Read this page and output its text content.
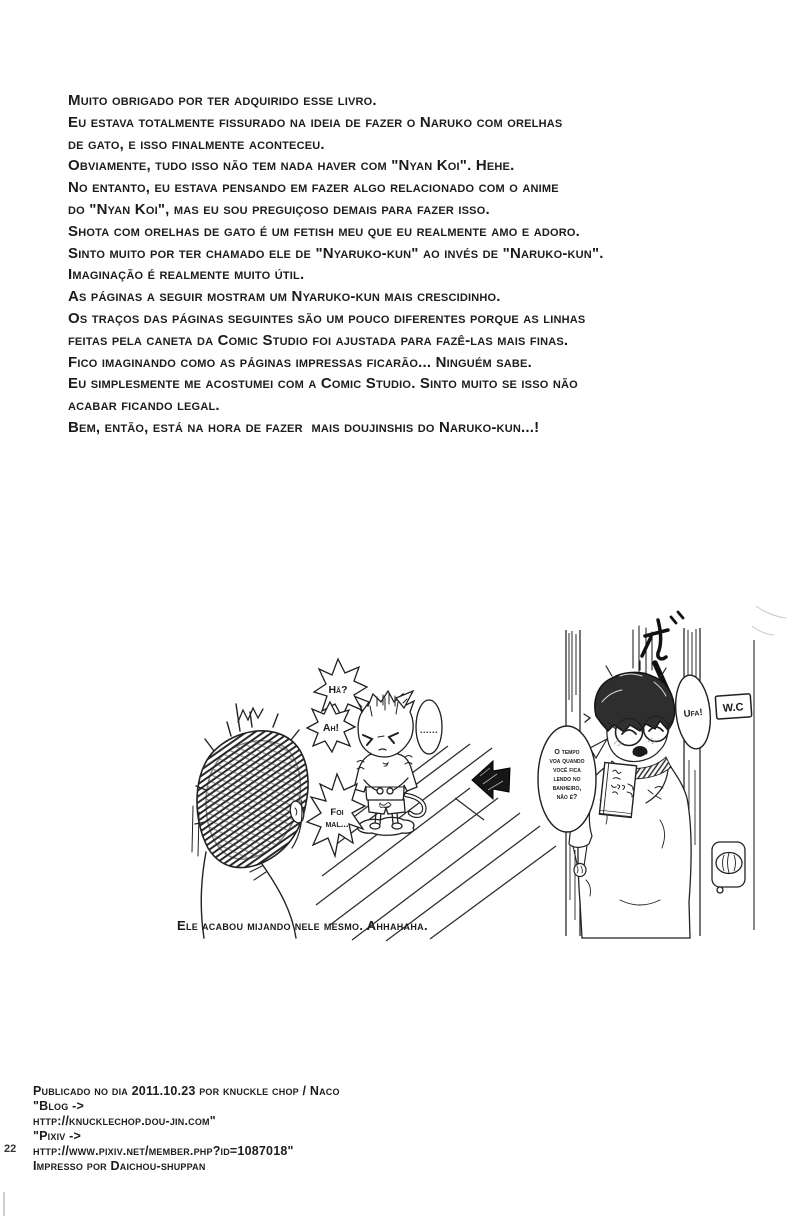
Muito obrigado por ter adquirido esse livro.
Eu estava totalmente fissurado na ideia de fazer o Naruko com orelhas
de gato, e isso finalmente aconteceu.
Obviamente, tudo isso não tem nada haver com "Nyan Koi". Hehe.
No entanto, eu estava pensando em fazer algo relacionado com o anime
do "Nyan Koi", mas eu sou preguiçoso demais para fazer isso.
Shota com orelhas de gato é um fetish meu que eu realmente amo e adoro.
Sinto muito por ter chamado ele de "Nyaruko-kun" ao invés de "Naruko-kun".
Imaginação é realmente muito útil.
As páginas a seguir mostram um Nyaruko-kun mais crescidinho.
Os traços das páginas seguintes são um pouco diferentes porque as linhas
feitas pela caneta da Comic Studio foi ajustada para fazê-las mais finas.
Fico imaginando como as páginas impressas ficarão... Ninguém sabe.
Eu simplesmente me acostumei com a Comic Studio. Sinto muito se isso não
acabar ficando legal.
Bem, então, está na hora de fazer  mais doujinshis do Naruko-kun...!
Hã?
Ah!	......
Foi
mal...
O tempo
voa quando
você fica
lendo no
banheiro,
não é?
Ufa! W.C
Ele acabou mijando nele mesmo. Ahhahaha.
Publicado no dia 2011.10.23 por knuckle chop / Naco
"Blog ->
http://knucklechop.dou-jin.com"
"Pixiv ->
http://www.pixiv.net/member.php?id=1087018"
Impresso por Daichou-shuppan
22
